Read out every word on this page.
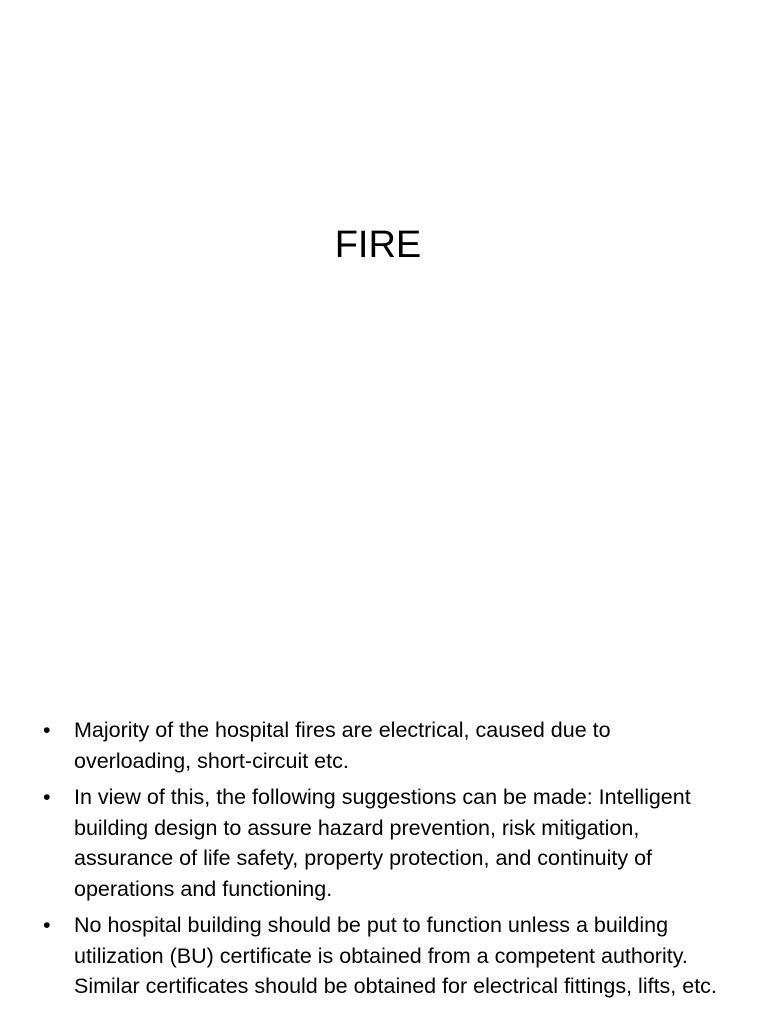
FIRE
• Majority of the hospital fires are electrical, caused due to overloading, short-circuit etc.
• In view of this, the following suggestions can be made: Intelligent building design to assure hazard prevention, risk mitigation, assurance of life safety, property protection, and continuity of operations and functioning.
• No hospital building should be put to function unless a building utilization (BU) certificate is obtained from a competent authority. Similar certificates should be obtained for electrical fittings, lifts, etc.
